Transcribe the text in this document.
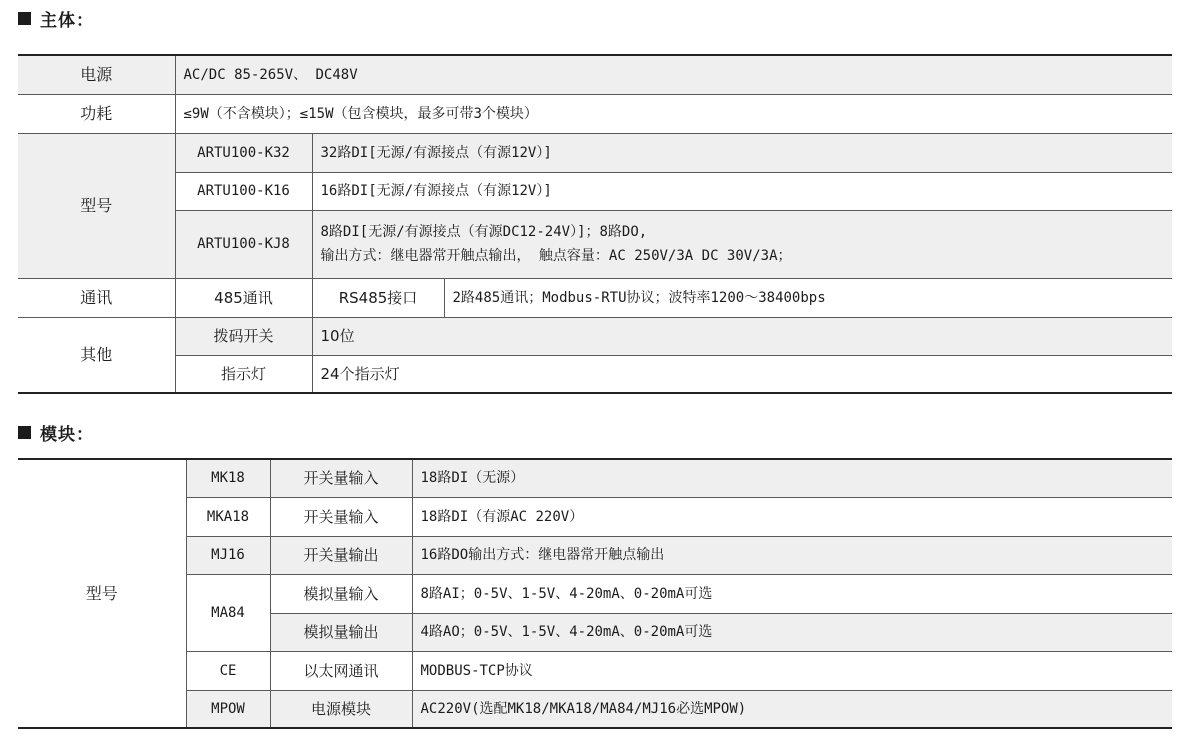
主体：
电源	AC/DC 85-265V、 DC48V		
功耗	≤9W（不含模块）；≤15W（包含模块，最多可带3个模块）		
型号	ARTU100-K32	32路DI[无源/有源接点（有源12V）]	
	ARTU100-K16	16路DI[无源/有源接点（有源12V）]	
	ARTU100-KJ8	8路DI[无源/有源接点（有源DC12-24V）]；8路DO,
输出方式：继电器常开触点输出， 触点容量：AC 250V/3A DC 30V/3A；	

通讯	485通讯	RS485接口	2路485通讯；Modbus-RTU协议；波特率1200～38400bps
其他	拨码开关	10位	
	指示灯	24个指示灯	
模块：
型号	MK18	开关量输入	18路DI（无源）
	MKA18	开关量输入	18路DI（有源AC 220V）
	MJ16	开关量输出	16路DO输出方式：继电器常开触点输出
	MA84	模拟量输入	8路AI；0-5V、1-5V、4-20mA、0-20mA可选
		模拟量输出	4路AO；0-5V、1-5V、4-20mA、0-20mA可选
	CE	以太网通讯	MODBUS-TCP协议
	MPOW	电源模块	AC220V(选配MK18/MKA18/MA84/MJ16必选MPOW)
